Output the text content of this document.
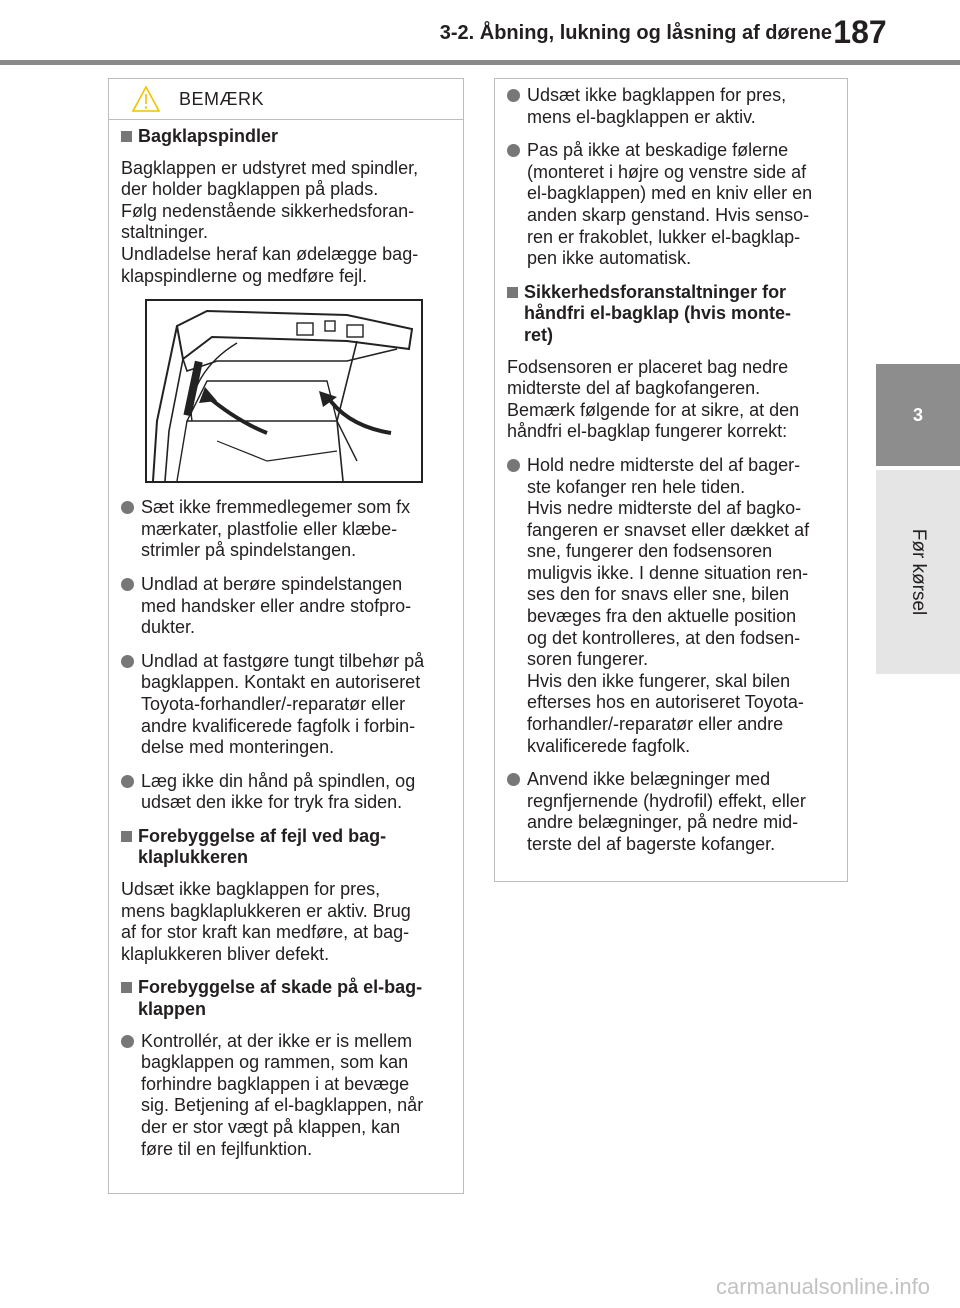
3-2. Åbning, lukning og låsning af dørene 187
3
Før kørsel
BEMÆRK
Bagklapspindler
Bagklappen er udstyret med spindler,
der holder bagklappen på plads.
Følg nedenstående sikkerhedsforan-
staltninger.
Undladelse heraf kan ødelægge bag-
klapspindlerne og medføre fejl.
Sæt ikke fremmedlegemer som fx
mærkater, plastfolie eller klæbe-
strimler på spindelstangen.
Undlad at berøre spindelstangen
med handsker eller andre stofpro-
dukter.
Undlad at fastgøre tungt tilbehør på
bagklappen. Kontakt en autoriseret
Toyota-forhandler/-reparatør eller
andre kvalificerede fagfolk i forbin-
delse med monteringen.
Læg ikke din hånd på spindlen, og
udsæt den ikke for tryk fra siden.
Forebyggelse af fejl ved bag-
klaplukkeren
Udsæt ikke bagklappen for pres,
mens bagklaplukkeren er aktiv. Brug
af for stor kraft kan medføre, at bag-
klaplukkeren bliver defekt.
Forebyggelse af skade på el-bag-
klappen
Kontrollér, at der ikke er is mellem
bagklappen og rammen, som kan
forhindre bagklappen i at bevæge
sig. Betjening af el-bagklappen, når
der er stor vægt på klappen, kan
føre til en fejlfunktion.
Udsæt ikke bagklappen for pres,
mens el-bagklappen er aktiv.
Pas på ikke at beskadige følerne
(monteret i højre og venstre side af
el-bagklappen) med en kniv eller en
anden skarp genstand. Hvis senso-
ren er frakoblet, lukker el-bagklap-
pen ikke automatisk.
Sikkerhedsforanstaltninger for
håndfri el-bagklap (hvis monte-
ret)
Fodsensoren er placeret bag nedre
midterste del af bagkofangeren.
Bemærk følgende for at sikre, at den
håndfri el-bagklap fungerer korrekt:
Hold nedre midterste del af bager-
ste kofanger ren hele tiden.
Hvis nedre midterste del af bagko-
fangeren er snavset eller dækket af
sne, fungerer den fodsensoren
muligvis ikke. I denne situation ren-
ses den for snavs eller sne, bilen
bevæges fra den aktuelle position
og det kontrolleres, at den fodsen-
soren fungerer.
Hvis den ikke fungerer, skal bilen
efterses hos en autoriseret Toyota-
forhandler/-reparatør eller andre
kvalificerede fagfolk.
Anvend ikke belægninger med
regnfjernende (hydrofil) effekt, eller
andre belægninger, på nedre mid-
terste del af bagerste kofanger.
carmanualsonline.info
